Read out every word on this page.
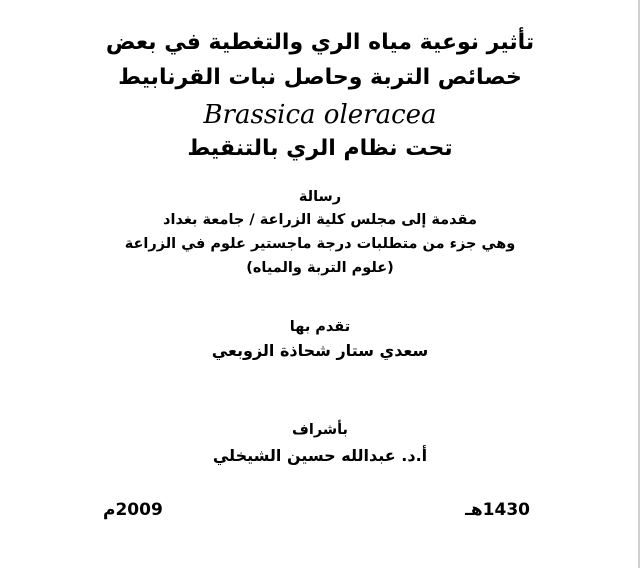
تأثير نوعية مياه الري والتغطية في بعض
خصائص التربة وحاصل نبات القرنابيط
Brassica oleracea
تحت نظام الري بالتنقيط
رسالة
مقدمة إلى مجلس كلية الزراعة / جامعة بغداد
وهي جزء من متطلبات درجة ماجستير علوم في الزراعة
(علوم التربة والمياه)
تقدم بها
سعدي ستار شحاذة الزوبعي
بأشراف
أ.د. عبدالله حسين الشيخلي
1430هـ
2009م
